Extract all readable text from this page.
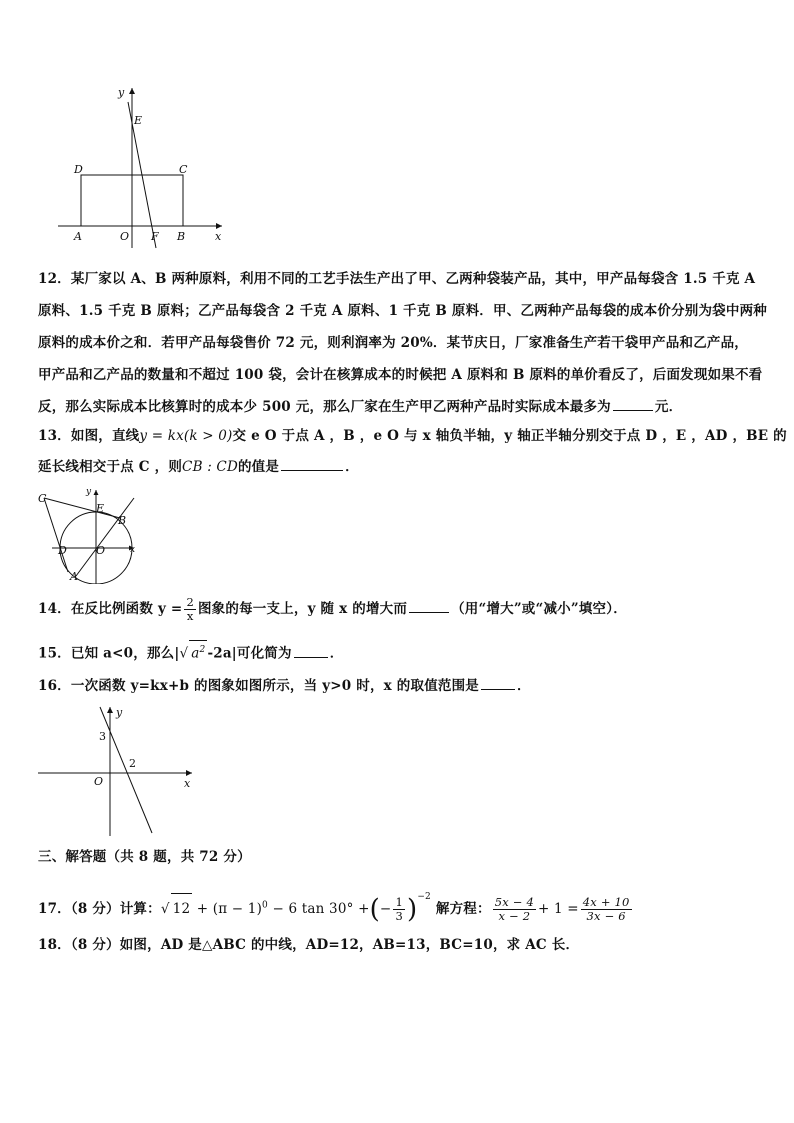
y
E
D	C
A	O F B	x
12．某厂家以 A、B 两种原料，利用不同的工艺手法生产出了甲、乙两种袋装产品，其中，甲产品每袋含 1.5 千克 A
原料、1.5 千克 B 原料；乙产品每袋含 2 千克 A 原料、1 千克 B 原料．甲、乙两种产品每袋的成本价分别为袋中两种
原料的成本价之和．若甲产品每袋售价 72 元，则利润率为 20%．某节庆日，厂家准备生产若干袋甲产品和乙产品，
甲产品和乙产品的数量和不超过 100 袋，会计在核算成本的时候把 A 原料和 B 原料的单价看反了，后面发现如果不看
反，那么实际成本比核算时的成本少 500 元，那么厂家在生产甲乙两种产品时实际成本最多为	元．
13．如图，直线y = kx(k > 0)交 e O 于点 A ，B ，e O 与 x 轴负半轴，y 轴正半轴分别交于点 D ，E ，AD ，BE 的
延长线相交于点 C ，则CB : CD的值是	．
C	y
E
B
D	O	x
A
14．在反比例函数 $y = \frac{2}{x}$ 图象的每一支上，y 随 x 的增大而	（用“增大”或“减小”填空）．
15．已知 a<0，那么|√ $a^2$ -2a|可化简为	．
16．一次函数 y=kx+b 的图象如图所示，当 y>0 时，x 的取值范围是	．
y
3
2
O	x
三、解答题（共 8 题，共 72 分）
17．（8 分）计算：√ $12 + (\pi - 1)^0 - 6$ tan 30° +(− $\frac{1}{3} )^{-2}$ 解方程： $\frac{5x - 4}{x - 2} + 1 = \frac{4x + 10}{3x - 6}$
18．（8 分）如图，AD 是△ABC 的中线，AD=12，AB=13，BC=10，求 AC 长．
